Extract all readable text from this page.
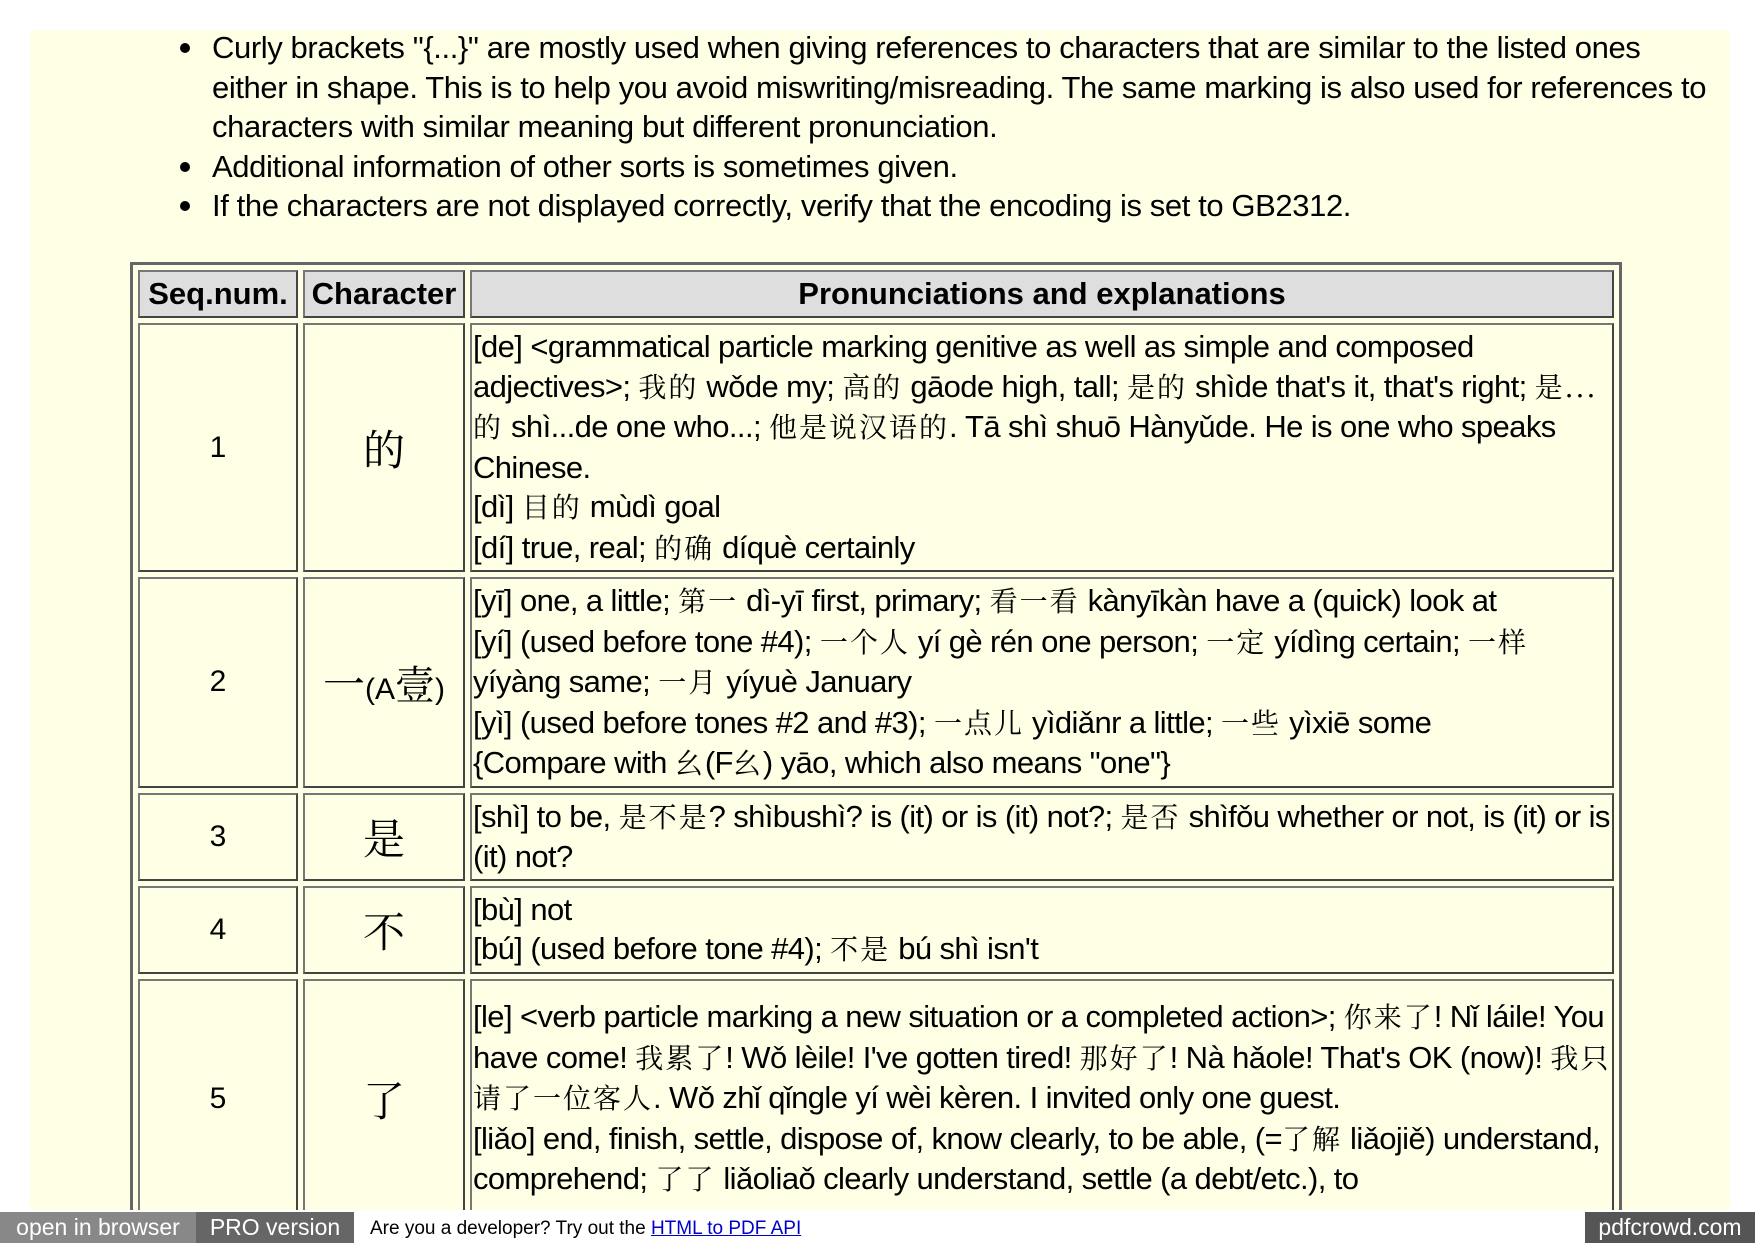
Curly brackets "{...}" are mostly used when giving references to characters that are similar to the listed ones either in shape. This is to help you avoid miswriting/misreading. The same marking is also used for references to characters with similar meaning but different pronunciation.
Additional information of other sorts is sometimes given.
If the characters are not displayed correctly, verify that the encoding is set to GB2312.
Seq.num.	Character	Pronunciations and explanations
1	的	[de] <grammatical particle marking genitive as well as simple and composed adjectives>; 我的 wǒde my; 高的 gāode high, tall; 是的 shìde that's it, that's right; 是...的 shì...de one who...; 他是说汉语的. Tā shì shuō Hànyǔde. He is one who speaks Chinese.
[dì] 目的 mùdì goal
[dí] true, real; 的确 díquè certainly

2	一(A壹)	[yī] one, a little; 第一 dì-yī first, primary; 看一看 kànyīkàn have a (quick) look at
[yí] (used before tone #4); 一个人 yí gè rén one person; 一定 yídìng certain; 一样 yíyàng same; 一月 yíyuè January
[yì] (used before tones #2 and #3); 一点儿 yìdiǎnr a little; 一些 yìxiē some
{Compare with 幺(F幺) yāo, which also means "one"}

3	是	[shì] to be, 是不是? shìbushì? is (it) or is (it) not?; 是否 shìfǒu whether or not, is (it) or is (it) not?

4	不	[bù] not
[bú] (used before tone #4); 不是 bú shì isn't

5	了	[le] <verb particle marking a new situation or a completed action>; 你来了! Nǐ láile! You have come! 我累了! Wǒ lèile! I've gotten tired! 那好了! Nà hǎole! That's OK (now)! 我只请了一位客人. Wǒ zhǐ qǐngle yí wèi kèren. I invited only one guest.
[liǎo] end, finish, settle, dispose of, know clearly, to be able, (=了解 liǎojiě) understand, comprehend; 了了 liǎoliaǒ clearly understand, settle (a debt/etc.), to
open in browser	PRO version	Are you a developer? Try out the HTML to PDF API	pdfcrowd.com
